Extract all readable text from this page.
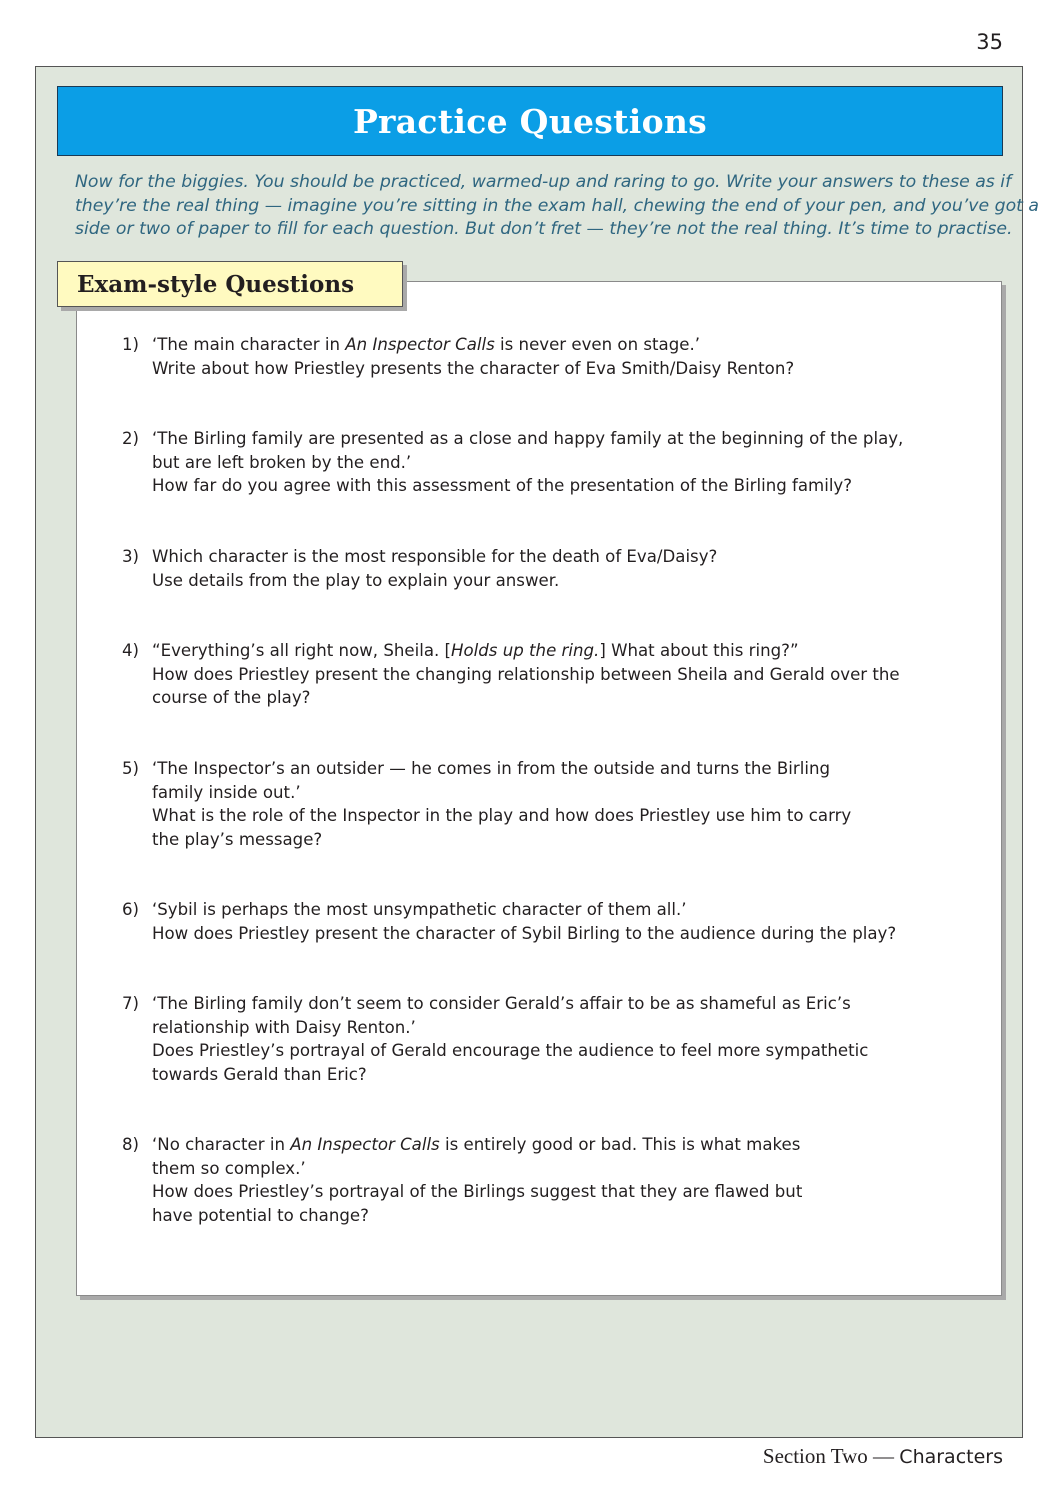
35
Practice Questions
Now for the biggies. You should be practiced, warmed-up and raring to go. Write your answers to these as if
they’re the real thing — imagine you’re sitting in the exam hall, chewing the end of your pen, and you’ve got a
side or two of paper to fill for each question. But don’t fret — they’re not the real thing. It’s time to practise.
1) ‘The main character in An Inspector Calls is never even on stage.’
Write about how Priestley presents the character of Eva Smith/Daisy Renton?
2) ‘The Birling family are presented as a close and happy family at the beginning of the play,
but are left broken by the end.’
How far do you agree with this assessment of the presentation of the Birling family?
3) Which character is the most responsible for the death of Eva/Daisy?
Use details from the play to explain your answer.
4) “Everything’s all right now, Sheila. [Holds up the ring.] What about this ring?”
How does Priestley present the changing relationship between Sheila and Gerald over the
course of the play?
5) ‘The Inspector’s an outsider — he comes in from the outside and turns the Birling
family inside out.’
What is the role of the Inspector in the play and how does Priestley use him to carry
the play’s message?
6) ‘Sybil is perhaps the most unsympathetic character of them all.’
How does Priestley present the character of Sybil Birling to the audience during the play?
7) ‘The Birling family don’t seem to consider Gerald’s affair to be as shameful as Eric’s
relationship with Daisy Renton.’
Does Priestley’s portrayal of Gerald encourage the audience to feel more sympathetic
towards Gerald than Eric?
8) ‘No character in An Inspector Calls is entirely good or bad. This is what makes
them so complex.’
How does Priestley’s portrayal of the Birlings suggest that they are flawed but
have potential to change?
Exam-style Questions
Section Two — Characters
